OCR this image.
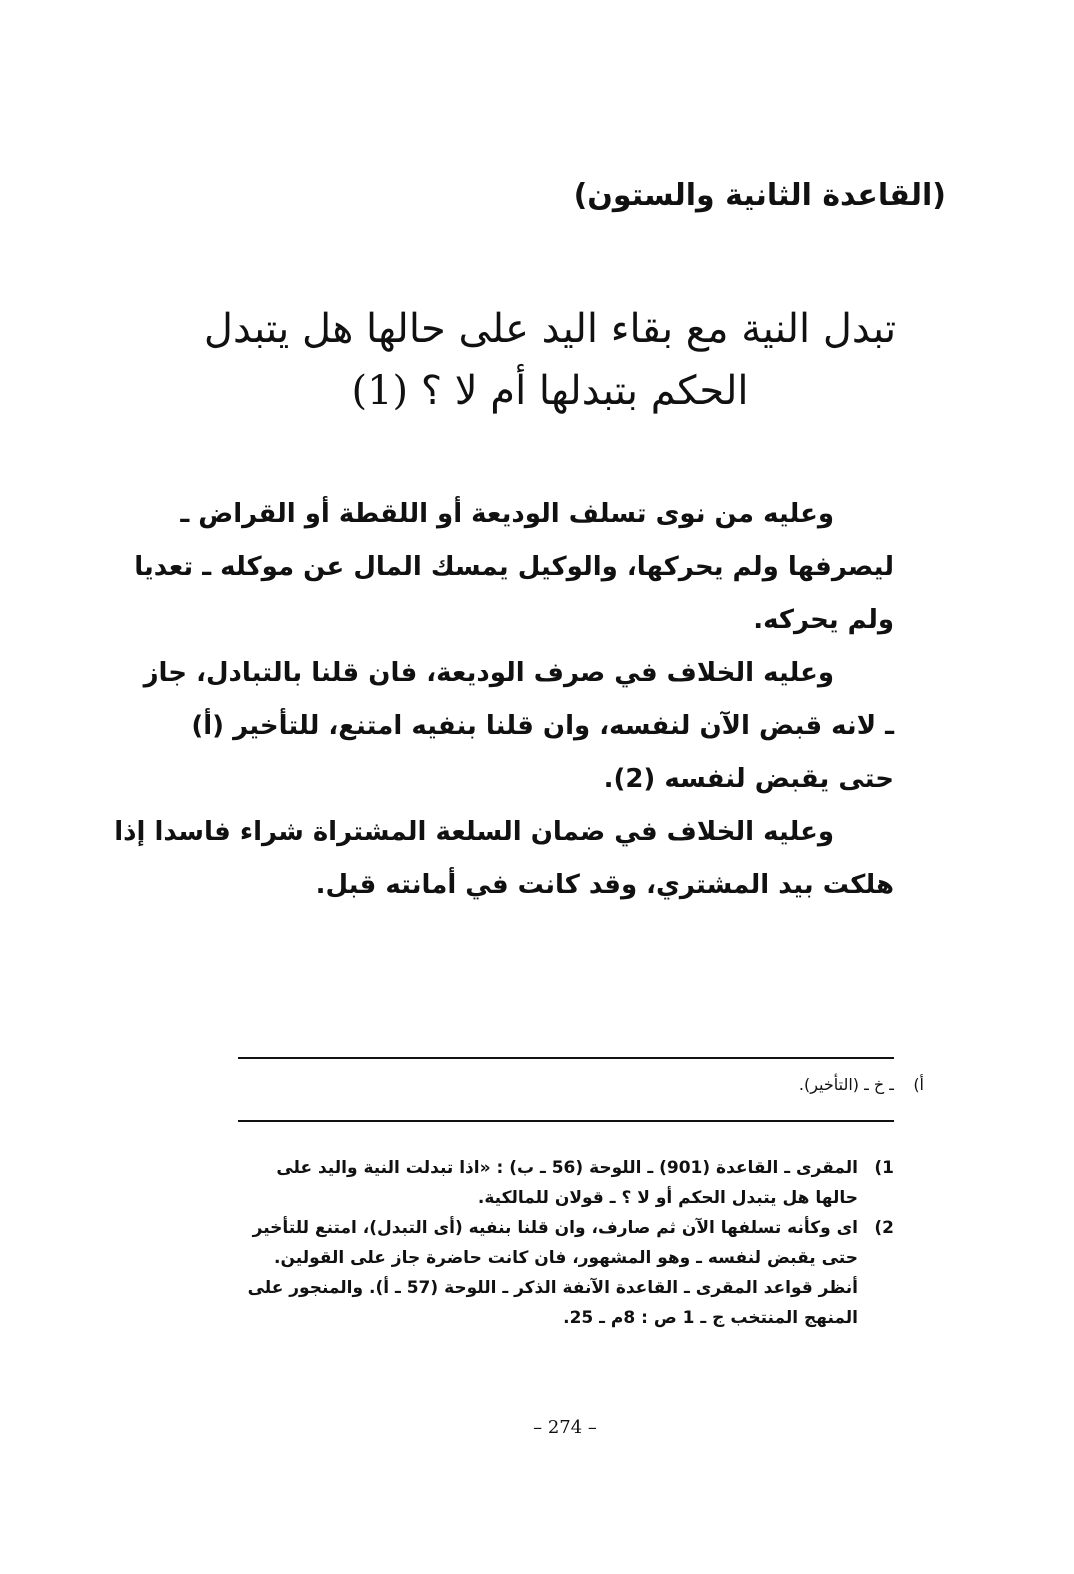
(القاعدة الثانية والستون)
تبدل النية مع بقاء اليد على حالها هل يتبدل
الحكم بتبدلها أم لا ؟ (1)

وعليه من نوى تسلف الوديعة أو اللقطة أو القراض ـ
ليصرفها ولم يحركها، والوكيل يمسك المال عن موكله ـ تعديا
ولم يحركه.

وعليه الخلاف في صرف الوديعة، فان قلنا بالتبادل، جاز
ـ لانه قبض الآن لنفسه، وان قلنا بنفيه امتنع، للتأخير (أ)
حتى يقبض لنفسه (2).

وعليه الخلاف في ضمان السلعة المشتراة شراء فاسدا إذا
هلكت بيد المشتري، وقد كانت في أمانته قبل.

أ)
ـ خ ـ (التأخير).
1)
المقرى ـ القاعدة (901) ـ اللوحة (56 ـ ب) : «اذا تبدلت النية واليد على
حالها هل يتبدل الحكم أو لا ؟ ـ قولان للمالكية.
2)
اى وكأنه تسلفها الآن ثم صارف، وان قلنا بنفيه (أى التبدل)، امتنع للتأخير
حتى يقبض لنفسه ـ وهو المشهور، فان كانت حاضرة جاز على القولين.
أنظر قواعد المقرى ـ القاعدة الآنفة الذكر ـ اللوحة (57 ـ أ). والمنجور على
المنهج المنتخب ج ـ 1 ص : 8م ـ 25.
– 274 –
